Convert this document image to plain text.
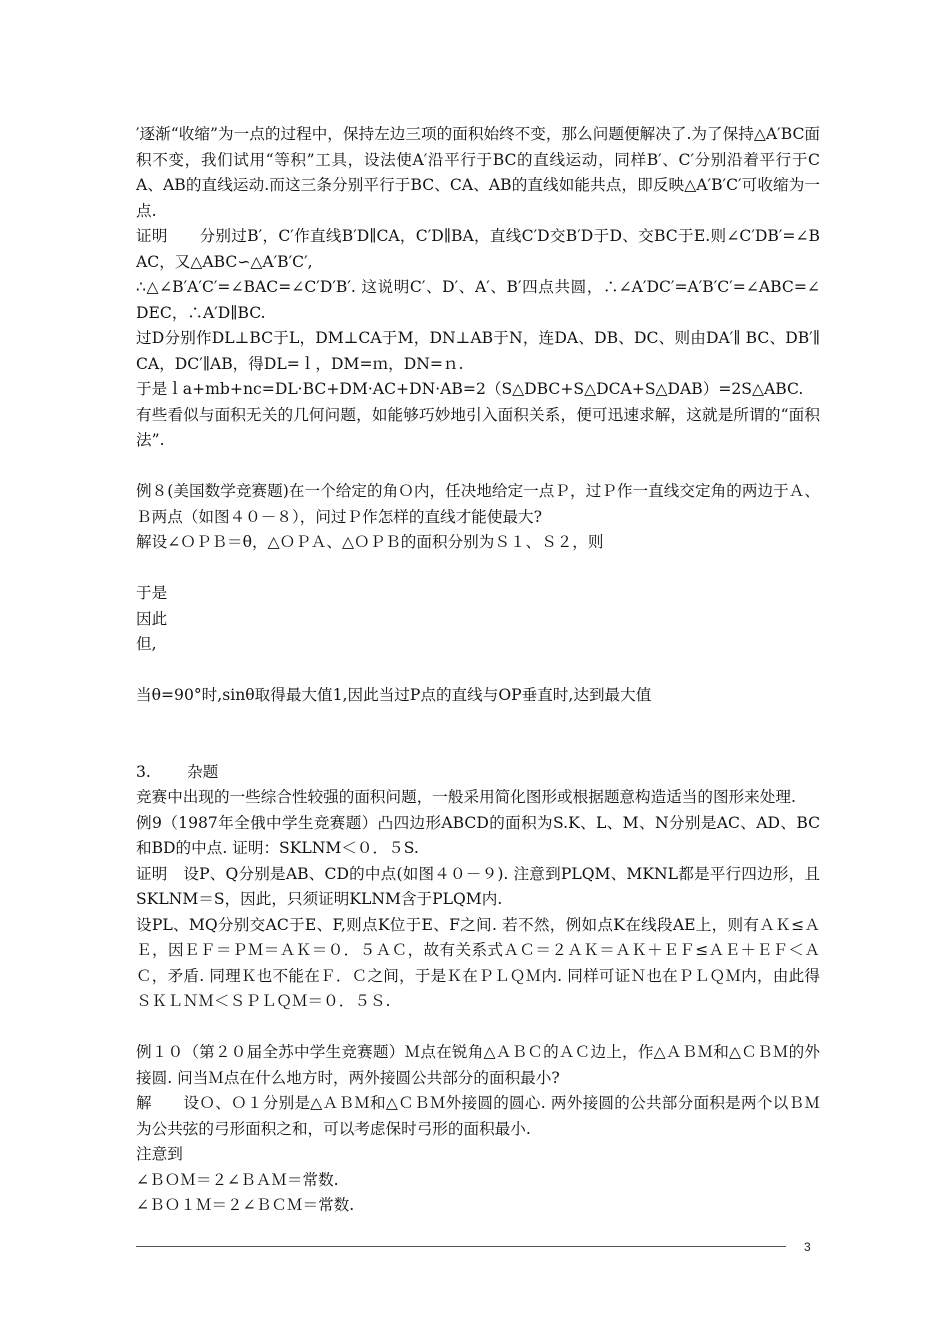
′逐渐“收缩”为一点的过程中，保持左边三项的面积始终不变，那么问题便解决了.为了保持△A′BC面积不变，我们试用“等积”工具，设法使A′沿平行于BC的直线运动，同样B′、C′分别沿着平行于CA、AB的直线运动.而这三条分别平行于BC、CA、AB的直线如能共点，即反映△A′B′C′可收缩为一点.

证明　　分别过B′，C′作直线B′D∥CA，C′D∥BA，直线C′D交B′D于D、交BC于E.则∠C′DB′=∠BAC，又△ABC∽△A′B′C′,

∴△∠B′A′C′=∠BAC=∠C′D′B′. 这说明C′、D′、A′、B′四点共圆，∴∠A′DC′=A′B′C′=∠ABC=∠DEC，∴A′D∥BC.

过D分别作DL⊥BC于L，DM⊥CA于M，DN⊥AB于N，连DA、DB、DC、则由DA′∥ BC、DB′∥CA，DC′∥AB，得DL=ｌ，DM=ｍ，DN=ｎ.

于是ｌa+mb+nc=DL·BC+DM·AC+DN·AB=2（S△DBC+S△DCA+S△DAB）=2S△ABC.

有些看似与面积无关的几何问题，如能够巧妙地引入面积关系，便可迅速求解，这就是所谓的“面积法”.

例８(美国数学竞赛题)在一个给定的角Ｏ内，任决地给定一点Ｐ，过Ｐ作一直线交定角的两边于Ａ、Ｂ两点（如图４０－８），问过Ｐ作怎样的直线才能使最大?

解设∠ＯＰＢ＝θ，△ＯＰＡ、△ＯＰＢ的面积分别为Ｓ１、Ｓ２，则

于是

因此

但,

当θ=90°时,sinθ取得最大值1,因此当过P点的直线与OP垂直时,达到最大值

3.　　 杂题

竞赛中出现的一些综合性较强的面积问题，一般采用简化图形或根据题意构造适当的图形来处理.

例9（1987年全俄中学生竞赛题）凸四边形ABCD的面积为S.K、L、M、N分别是AC、AD、BC和BD的中点. 证明：SKLNM＜０．５S.

证明　设P、Q分别是AB、CD的中点(如图４０－９). 注意到PLQM、MKNL都是平行四边形，且SKLNM＝S，因此，只须证明KLNM含于PLQM内.

设PL、MQ分别交AC于E、F,则点K位于E、F之间. 若不然，例如点K在线段AE上，则有ＡＫ≤ＡＥ，因ＥＦ＝ＰＭ＝ＡＫ＝０．５ＡＣ，故有关系式ＡＣ＝２ＡＫ＝ＡＫ＋ＥＦ≤ＡＥ＋ＥＦ＜ＡＣ，矛盾. 同理Ｋ也不能在Ｆ．Ｃ之间，于是Ｋ在ＰＬＱＭ内. 同样可证Ｎ也在ＰＬＱＭ内，由此得ＳＫＬＮＭ＜ＳＰＬＱＭ＝０．５Ｓ.

例１０（第２０届全苏中学生竞赛题）Ｍ点在锐角△ＡＢＣ的ＡＣ边上，作△ＡＢＭ和△ＣＢＭ的外接圆. 问当Ｍ点在什么地方时，两外接圆公共部分的面积最小?

解　　设Ｏ、Ｏ１分别是△ＡＢＭ和△ＣＢＭ外接圆的圆心. 两外接圆的公共部分面积是两个以ＢＭ为公共弦的弓形面积之和，可以考虑保时弓形的面积最小.

注意到

∠ＢＯＭ＝２∠ＢＡＭ＝常数.

∠ＢＯ１Ｍ＝２∠ＢＣＭ＝常数.

3
